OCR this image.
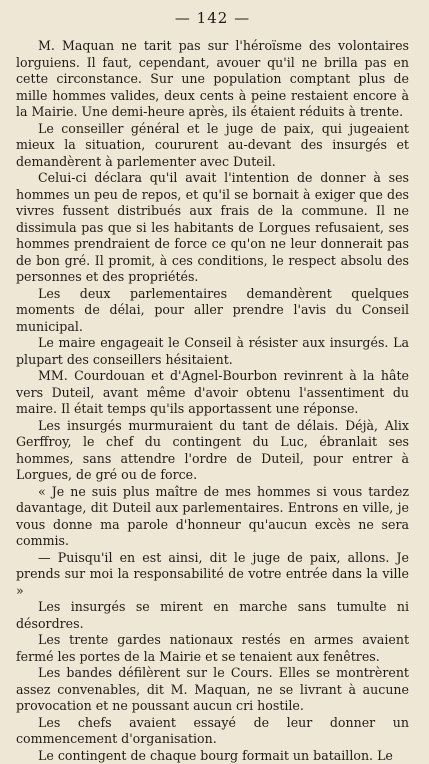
— 142 —

M. Maquan ne tarit pas sur l'héroïsme des volontaires lorguiens. Il faut, cependant, avouer qu'il ne brilla pas en cette circonstance. Sur une population comptant plus de mille hommes valides, deux cents à peine restaient encore à la Mairie. Une demi-heure après, ils étaient réduits à trente.

Le conseiller général et le juge de paix, qui jugeaient mieux la situation, coururent au-devant des insurgés et demandèrent à parlementer avec Duteil.

Celui-ci déclara qu'il avait l'intention de donner à ses hommes un peu de repos, et qu'il se bornait à exiger que des vivres fussent distribués aux frais de la commune. Il ne dissimula pas que si les habitants de Lorgues refusaient, ses hommes prendraient de force ce qu'on ne leur donnerait pas de bon gré. Il promit, à ces conditions, le respect absolu des personnes et des propriétés.

Les deux parlementaires demandèrent quelques moments de délai, pour aller prendre l'avis du Conseil municipal.

Le maire engageait le Conseil à résister aux insurgés. La plupart des conseillers hésitaient.

MM. Courdouan et d'Agnel-Bourbon revinrent à la hâte vers Duteil, avant même d'avoir obtenu l'assentiment du maire. Il était temps qu'ils apportassent une réponse.

Les insurgés murmuraient du tant de délais. Déjà, Alix Gerffroy, le chef du contingent du Luc, ébranlait ses hommes, sans attendre l'ordre de Duteil, pour entrer à Lorgues, de gré ou de force.

« Je ne suis plus maître de mes hommes si vous tardez davantage, dit Duteil aux parlementaires. Entrons en ville, je vous donne ma parole d'honneur qu'aucun excès ne sera commis.

— Puisqu'il en est ainsi, dit le juge de paix, allons. Je prends sur moi la responsabilité de votre entrée dans la ville »

Les insurgés se mirent en marche sans tumulte ni désordres.

Les trente gardes nationaux restés en armes avaient fermé les portes de la Mairie et se tenaient aux fenêtres.

Les bandes défilèrent sur le Cours. Elles se montrèrent assez convenables, dit M. Maquan, ne se livrant à aucune provocation et ne poussant aucun cri hostile.

Les chefs avaient essayé de leur donner un commencement d'organisation.

Le contingent de chaque bourg formait un bataillon. Le
